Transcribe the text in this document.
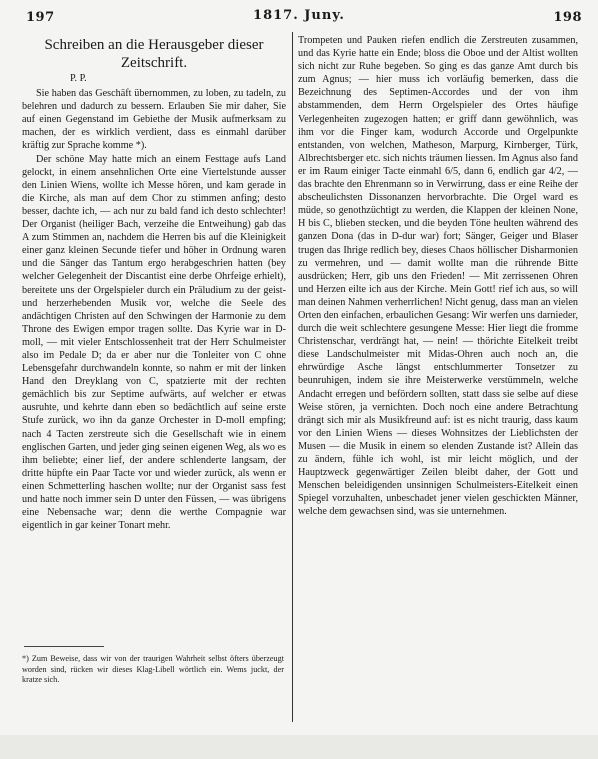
197	1817. Juny.	198

Schreiben an die Herausgeber dieser Zeitschrift.

P. P.

Sie haben das Geschäft übernommen, zu loben, zu tadeln, zu belehren und dadurch zu bessern. Erlauben Sie mir daher, Sie auf einen Gegenstand im Gebiethe der Musik aufmerksam zu machen, der es wirklich verdient, dass es einmahl darüber kräftig zur Sprache komme *).

Der schöne May hatte mich an einem Festtage aufs Land gelockt, in einem ansehnlichen Orte eine Viertelstunde ausser den Linien Wiens, wollte ich Messe hören, und kam gerade in die Kirche, als man auf dem Chor zu stimmen anfing; desto besser, dachte ich, — ach nur zu bald fand ich desto schlechter! Der Organist (heiliger Bach, verzeihe die Entweihung) gab das A zum Stimmen an, nachdem die Herren bis auf die Kleinigkeit einer ganz kleinen Secunde tiefer und höher in Ordnung waren und die Sänger das Tantum ergo herabgeschrien hatten (bey welcher Gelegenheit der Discantist eine derbe Ohrfeige erhielt), bereitete uns der Orgelspieler durch ein Präludium zu der geist- und herzerhebenden Musik vor, welche die Seele des andächtigen Christen auf den Schwingen der Harmonie zu dem Throne des Ewigen empor tragen sollte. Das Kyrie war in D-moll, — mit vieler Entschlossenheit trat der Herr Schulmeister also im Pedale D; da er aber nur die Tonleiter von C ohne Lebensgefahr durchwandeln konnte, so nahm er mit der linken Hand den Dreyklang von C, spatzierte mit der rechten gemächlich bis zur Septime aufwärts, auf welcher er etwas ausruhte, und kehrte dann eben so bedächtlich auf seine erste Stufe zurück, wo ihn da ganze Orchester in D-moll empfing; nach 4 Tacten zerstreute sich die Gesellschaft wie in einem englischen Garten, und jeder ging seinen eigenen Weg, als wo es ihm beliebte; einer lief, der andere schlenderte langsam, der dritte hüpfte ein Paar Tacte vor und wieder zurück, als wenn er einen Schmetterling haschen wollte; nur der Organist sass fest und hatte noch immer sein D unter den Füssen, — was übrigens eine Nebensache war; denn die werthe Compagnie war eigentlich in gar keiner Tonart mehr.

Trompeten und Pauken riefen endlich die Zerstreuten zusammen, und das Kyrie hatte ein Ende; bloss die Oboe und der Altist wollten sich nicht zur Ruhe begeben. So ging es das ganze Amt durch bis zum Agnus; — hier muss ich vorläufig bemerken, dass die Bezeichnung des Septimen-Accordes und der von ihm abstammenden, dem Herrn Orgelspieler des Ortes häufige Verlegenheiten zugezogen hatten; er griff dann gewöhnlich, was ihm vor die Finger kam, wodurch Accorde und Orgelpunkte entstanden, von welchen, Matheson, Marpurg, Kirnberger, Türk, Albrechtsberger etc. sich nichts träumen liessen. Im Agnus also fand er im Raum einiger Tacte einmahl 6/5, dann 6, endlich gar 4/2, — das brachte den Ehrenmann so in Verwirrung, dass er eine Reihe der abscheulichsten Dissonanzen hervorbrachte. Die Orgel ward es müde, so genothzüchtigt zu werden, die Klappen der kleinen None, H bis C, blieben stecken, und die beyden Töne heulten während des ganzen Dona (das in D-dur war) fort; Sänger, Geiger und Blaser trugen das Ihrige redlich bey, dieses Chaos höllischer Disharmonien zu vermehren, und — damit wollte man die rührende Bitte ausdrücken; Herr, gib uns den Frieden! — Mit zerrissenen Ohren und Herzen eilte ich aus der Kirche. Mein Gott! rief ich aus, so will man deinen Nahmen verherrlichen! Nicht genug, dass man an vielen Orten den einfachen, erbaulichen Gesang: Wir werfen uns darnieder, durch die weit schlechtere gesungene Messe: Hier liegt die fromme Christenschar, verdrängt hat, — nein! — thörichte Eitelkeit treibt diese Landschulmeister mit Midas-Ohren auch noch an, die ehrwürdige Asche längst entschlummerter Tonsetzer zu beunruhigen, indem sie ihre Meisterwerke verstümmeln, welche Andacht erregen und befördern sollten, statt dass sie selbe auf diese Weise stören, ja vernichten. Doch noch eine andere Betrachtung drängt sich mir als Musikfreund auf: ist es nicht traurig, dass kaum vor den Linien Wiens — dieses Wohnsitzes der Lieblichsten der Musen — die Musik in einem so elenden Zustande ist? Allein das zu ändern, fühle ich wohl, ist mir leicht möglich, und der Hauptzweck gegenwärtiger Zeilen bleibt daher, der Gott und Menschen beleidigenden unsinnigen Schulmeisters-Eitelkeit einen Spiegel vorzuhalten, unbeschadet jener vielen geschickten Männer, welche dem gewachsen sind, was sie unternehmen.

*) Zum Beweise, dass wir von der traurigen Wahrheit selbst öfters überzeugt worden sind, rücken wir dieses Klag-Libell wörtlich ein. Wems juckt, der kratze sich.
